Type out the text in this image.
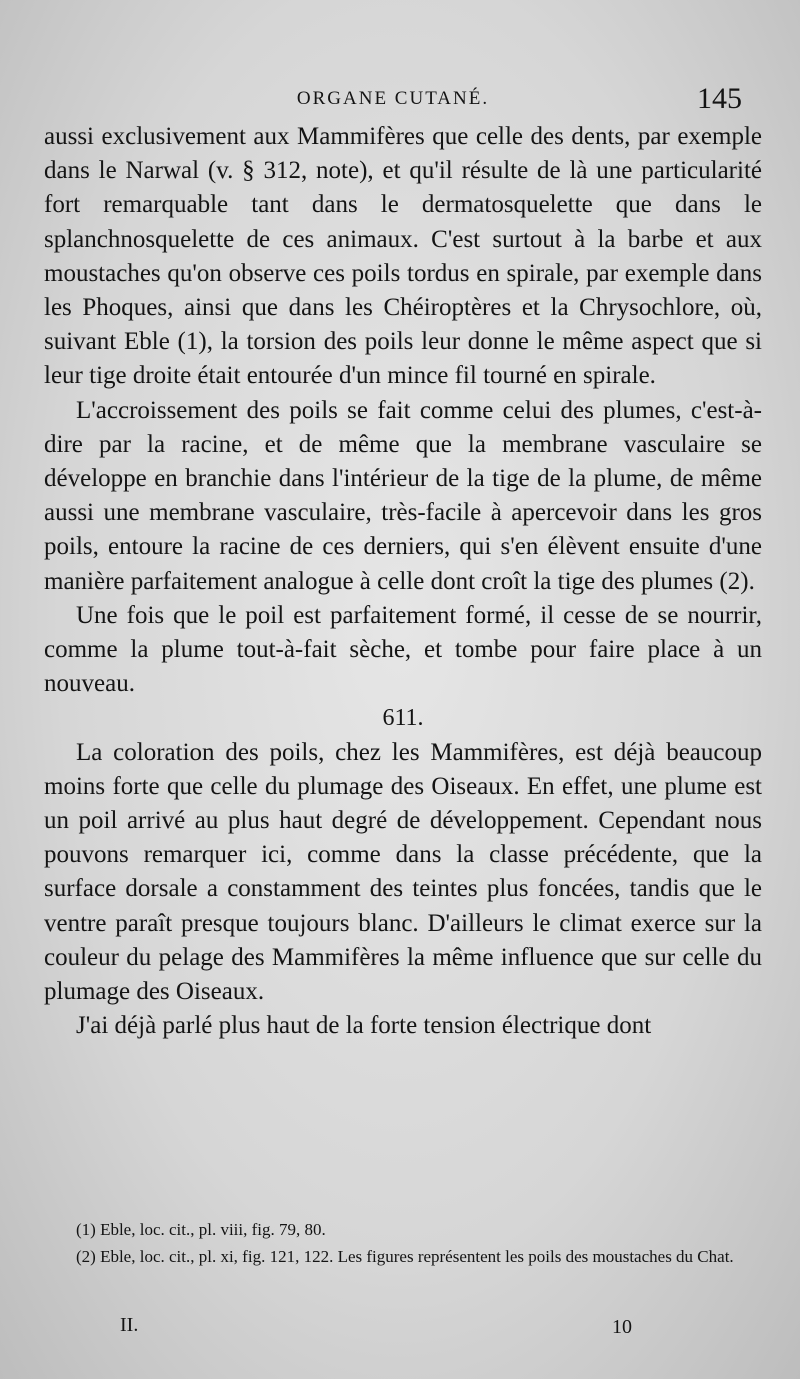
ORGANE CUTANÉ.	145

aussi exclusivement aux Mammifères que celle des dents, par exemple dans le Narwal (v. § 312, note), et qu'il résulte de là une particularité fort remarquable tant dans le dermatosquelette que dans le splanchnosquelette de ces animaux. C'est surtout à la barbe et aux moustaches qu'on observe ces poils tordus en spirale, par exemple dans les Phoques, ainsi que dans les Chéiroptères et la Chrysochlore, où, suivant Eble (1), la torsion des poils leur donne le même aspect que si leur tige droite était entourée d'un mince fil tourné en spirale.

L'accroissement des poils se fait comme celui des plumes, c'est-à-dire par la racine, et de même que la membrane vasculaire se développe en branchie dans l'intérieur de la tige de la plume, de même aussi une membrane vasculaire, très-facile à apercevoir dans les gros poils, entoure la racine de ces derniers, qui s'en élèvent ensuite d'une manière parfaitement analogue à celle dont croît la tige des plumes (2).

Une fois que le poil est parfaitement formé, il cesse de se nourrir, comme la plume tout-à-fait sèche, et tombe pour faire place à un nouveau.

611.

La coloration des poils, chez les Mammifères, est déjà beaucoup moins forte que celle du plumage des Oiseaux. En effet, une plume est un poil arrivé au plus haut degré de développement. Cependant nous pouvons remarquer ici, comme dans la classe précédente, que la surface dorsale a constamment des teintes plus foncées, tandis que le ventre paraît presque toujours blanc. D'ailleurs le climat exerce sur la couleur du pelage des Mammifères la même influence que sur celle du plumage des Oiseaux.

J'ai déjà parlé plus haut de la forte tension électrique dont

(1) Eble, loc. cit., pl. viii, fig. 79, 80.

(2) Eble, loc. cit., pl. xi, fig. 121, 122. Les figures représentent les poils des moustaches du Chat.

II.	10
